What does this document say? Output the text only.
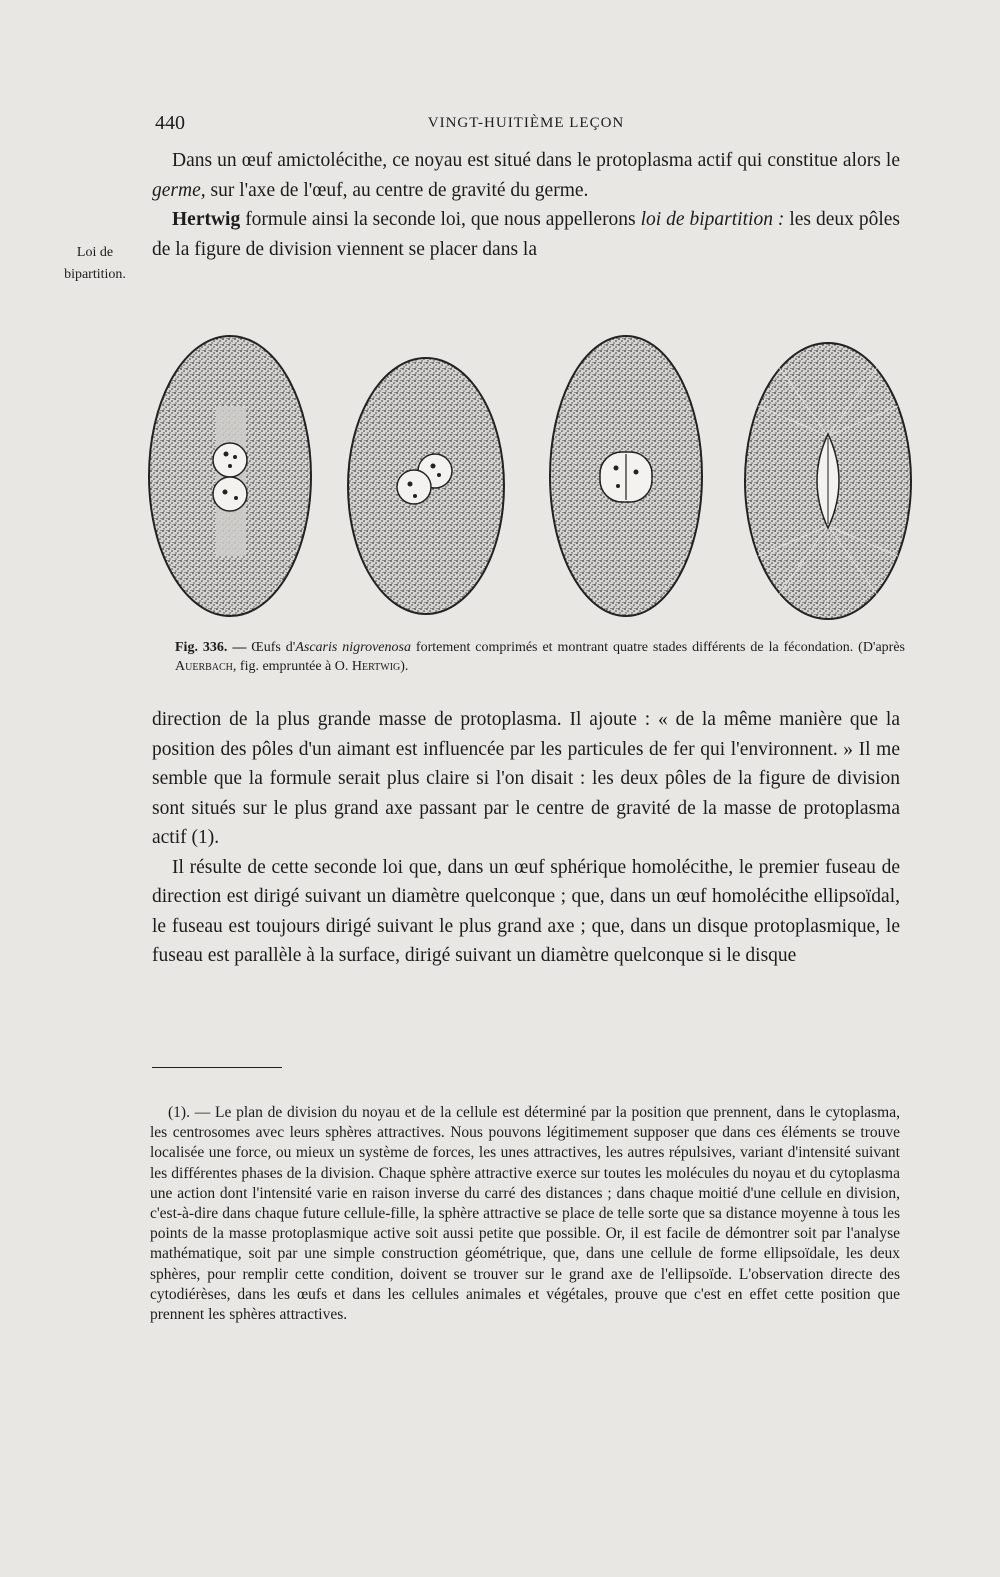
440	VINGT-HUITIÈME LEÇON

Dans un œuf amictolécithe, ce noyau est situé dans le protoplasma actif qui constitue alors le germe, sur l'axe de l'œuf, au centre de gravité du germe.

Hertwig formule ainsi la seconde loi, que nous appellerons loi de bipartition : les deux pôles de la figure de division viennent se placer dans la

Loi de
bipartition.
Fig. 336. — Œufs d'Ascaris nigrovenosa fortement comprimés et montrant quatre stades différents de la fécondation. (D'après Auerbach, fig. empruntée à O. Hertwig).

direction de la plus grande masse de protoplasma. Il ajoute : « de la même manière que la position des pôles d'un aimant est influencée par les particules de fer qui l'environnent. » Il me semble que la formule serait plus claire si l'on disait : les deux pôles de la figure de division sont situés sur le plus grand axe passant par le centre de gravité de la masse de protoplasma actif (1).

Il résulte de cette seconde loi que, dans un œuf sphérique homolécithe, le premier fuseau de direction est dirigé suivant un diamètre quelconque ; que, dans un œuf homolécithe ellipsoïdal, le fuseau est toujours dirigé suivant le plus grand axe ; que, dans un disque protoplasmique, le fuseau est parallèle à la surface, dirigé suivant un diamètre quelconque si le disque

(1). — Le plan de division du noyau et de la cellule est déterminé par la position que prennent, dans le cytoplasma, les centrosomes avec leurs sphères attractives. Nous pouvons légitimement supposer que dans ces éléments se trouve localisée une force, ou mieux un système de forces, les unes attractives, les autres répulsives, variant d'intensité suivant les différentes phases de la division. Chaque sphère attractive exerce sur toutes les molécules du noyau et du cytoplasma une action dont l'intensité varie en raison inverse du carré des distances ; dans chaque moitié d'une cellule en division, c'est-à-dire dans chaque future cellule-fille, la sphère attractive se place de telle sorte que sa distance moyenne à tous les points de la masse protoplasmique active soit aussi petite que possible. Or, il est facile de démontrer soit par l'analyse mathématique, soit par une simple construction géométrique, que, dans une cellule de forme ellipsoïdale, les deux sphères, pour remplir cette condition, doivent se trouver sur le grand axe de l'ellipsoïde. L'observation directe des cytodiérèses, dans les œufs et dans les cellules animales et végétales, prouve que c'est en effet cette position que prennent les sphères attractives.
